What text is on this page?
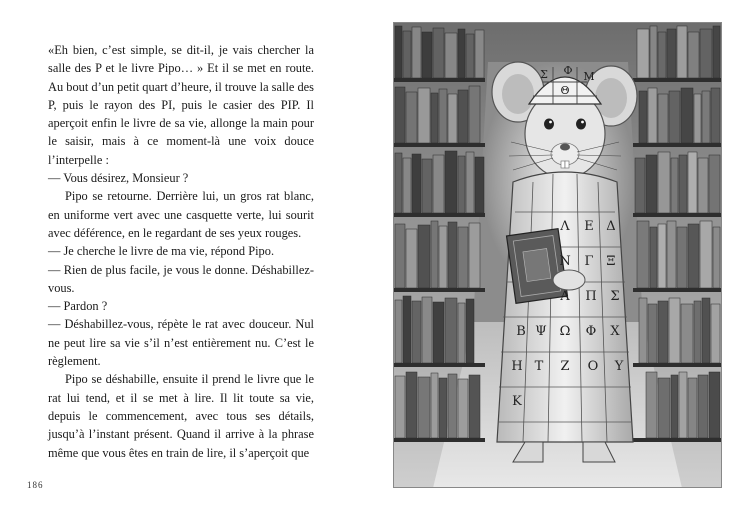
«Eh bien, c’est simple, se dit-il, je vais chercher la salle des P et le livre Pipo… » Et il se met en route. Au bout d’un petit quart d’heure, il trouve la salle des P, puis le rayon des PI, puis le casier des PIP. Il aperçoit enfin le livre de sa vie, allonge la main pour le saisir, mais à ce moment-là une voix douce l’interpelle :

— Vous désirez, Monsieur ?

Pipo se retourne. Derrière lui, un gros rat blanc, en uniforme vert avec une casquette verte, lui sourit avec déférence, en le regardant de ses yeux rouges.

— Je cherche le livre de ma vie, répond Pipo.

— Rien de plus facile, je vous le donne. Déshabillez-vous.

— Pardon ?

— Déshabillez-vous, répète le rat avec douceur. Nul ne peut lire sa vie s’il n’est entièrement nu. C’est le règlement.

Pipo se déshabille, ensuite il prend le livre que le rat lui tend, et il se met à lire. Il lit toute sa vie, depuis le commencement, avec tous ses détails, jusqu’à l’instant présent. Quand il arrive à la phrase même que vous êtes en train de lire, il s’aperçoit que

186
Σ Φ Μ
Θ
Λ Ε Δ
Ν Γ Ξ
Α Π Σ
Β Ψ Ω Φ Χ
Η Τ Ζ Ο Υ
Κ
